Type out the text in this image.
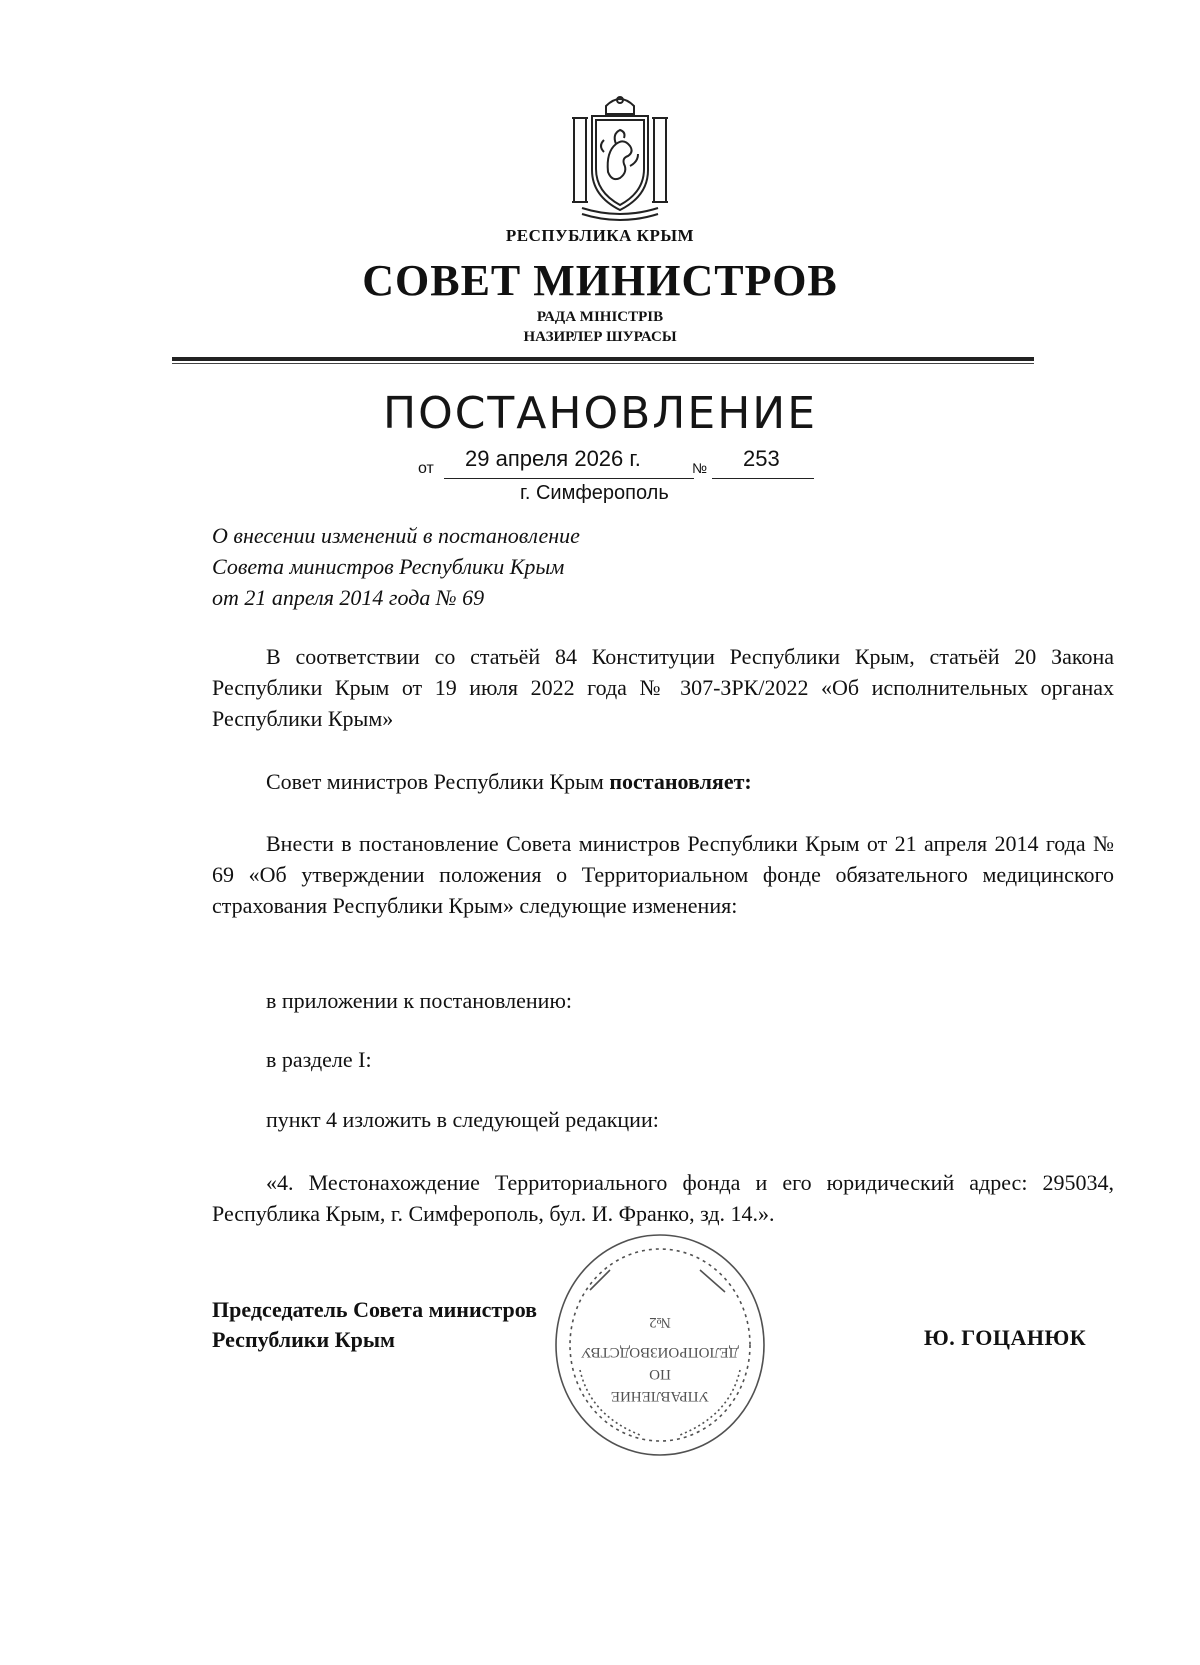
РЕСПУБЛИКА КРЫМ
СОВЕТ МИНИСТРОВ
РАДА МІНІСТРІВ
НАЗИРЛЕР ШУРАСЫ
ПОСТАНОВЛЕНИЕ
от 29 апреля 2026 г.	№ 253
г. Симферополь
О внесении изменений в постановление
Совета министров Республики Крым
от 21 апреля 2014 года № 69
В соответствии со статьёй 84 Конституции Республики Крым, статьёй 20 Закона Республики Крым от 19 июля 2022 года № 307-ЗРК/2022 «Об исполнительных органах Республики Крым»
Совет министров Республики Крым постановляет:
Внести в постановление Совета министров Республики Крым от 21 апреля 2014 года № 69 «Об утверждении положения о Территориальном фонде обязательного медицинского страхования Республики Крым» следующие изменения:
в приложении к постановлению:
в разделе I:
пункт 4 изложить в следующей редакции:
«4. Местонахождение Территориального фонда и его юридический адрес: 295034, Республика Крым, г. Симферополь, бул. И. Франко, зд. 14.».
Председатель Совета министров
Республики Крым	Ю. ГОЦАНЮК
№2
ДЕЛОПРОИЗВОДСТВУ
ПО
УПРАВЛЕНИЕ
